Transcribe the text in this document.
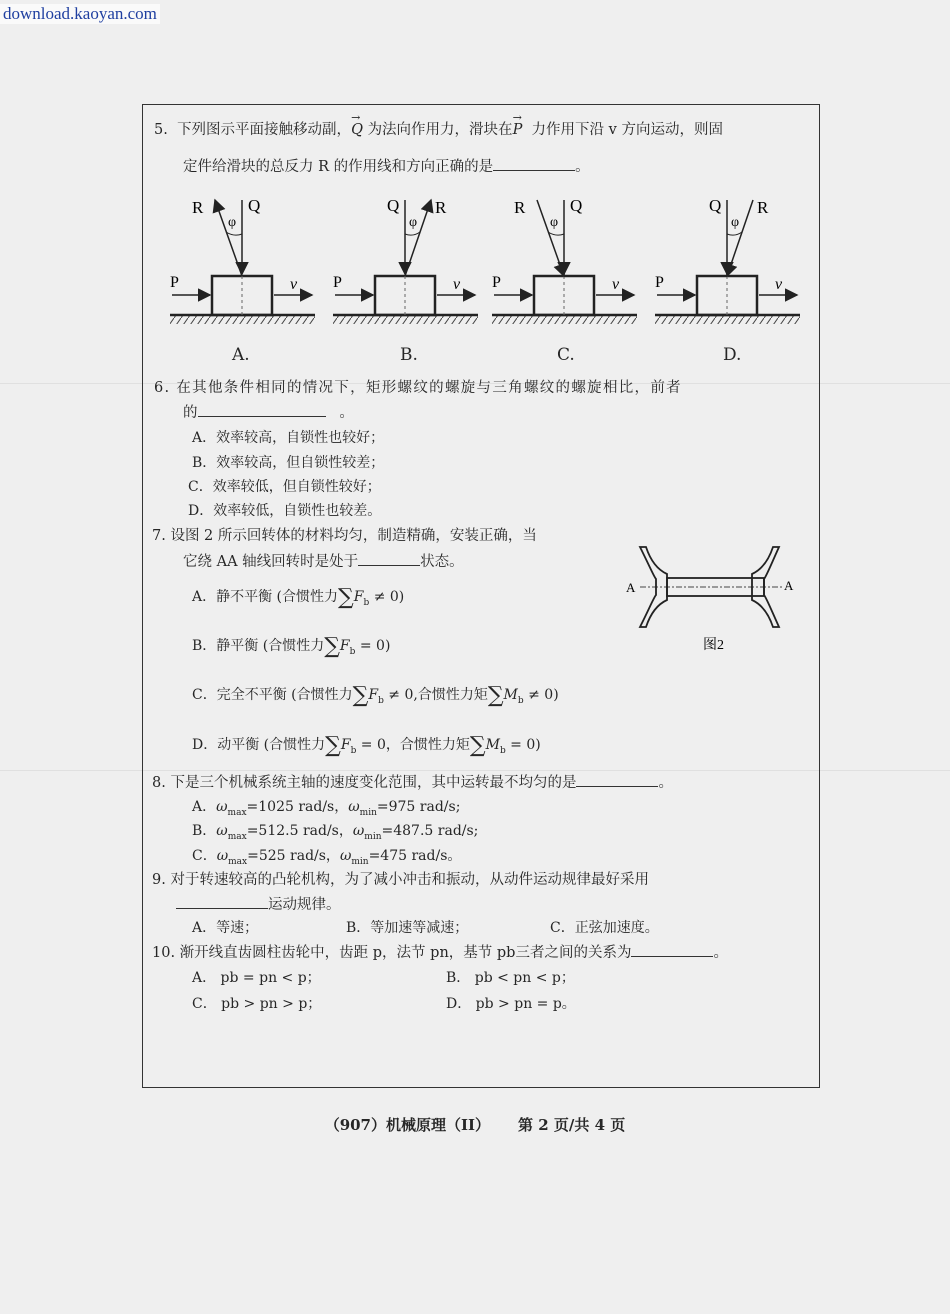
download.kaoyan.com
5. 下列图示平面接触移动副，→ Q 为法向作用力，滑块在→ P 力作用下沿 v 方向运动，则固
定件给滑块的总反力 R 的作用线和方向正确的是	。
R	Q
φ
P	v
Q R
φ
P	v
R	Q
φ
P	v
Q R
φ
P	v
A.	B.	C.	D.
6. 在其他条件相同的情况下，矩形螺纹的螺旋与三角螺纹的螺旋相比，前者
的	。
A．效率较高，自锁性也较好；
B．效率较高，但自锁性较差；
C．效率较低，但自锁性较好；
D．效率较低，自锁性也较差。
7. 设图 2 所示回转体的材料均匀，制造精确，安装正确，当
它绕 AA 轴线回转时是处于	状态。
A．静不平衡 (合惯性力$\sum F_b \ne 0$)
B．静平衡 (合惯性力$\sum F_b = 0$)
C．完全不平衡 (合惯性力$\sum F_b \ne 0$,合惯性力矩$\sum M_b \ne 0$)
D．动平衡 (合惯性力$\sum F_b = 0$，合惯性力矩$\sum M_b = 0$)
A	A
图2
8. 下是三个机械系统主轴的速度变化范围，其中运转最不均匀的是	。
A．$\omega_{max}=1025$ rad/s，$\omega_{min}=975$ rad/s;
B．$\omega_{max}=512.5$ rad/s，$\omega_{min}=487.5$ rad/s;
C．$\omega_{max}=525$ rad/s，$\omega_{min}=475$ rad/s。
9. 对于转速较高的凸轮机构，为了减小冲击和振动，从动件运动规律最好采用
运动规律。
A．等速；	B．等加速等减速；	C．正弦加速度。
10. 渐开线直齿圆柱齿轮中，齿距 p，法节 pn，基节 pb三者之间的关系为	。
A． pb = pn < p；	B． pb < pn < p；
C． pb > pn > p；	D． pb > pn = p。
（907）机械原理（II） 第 2 页/共 4 页
